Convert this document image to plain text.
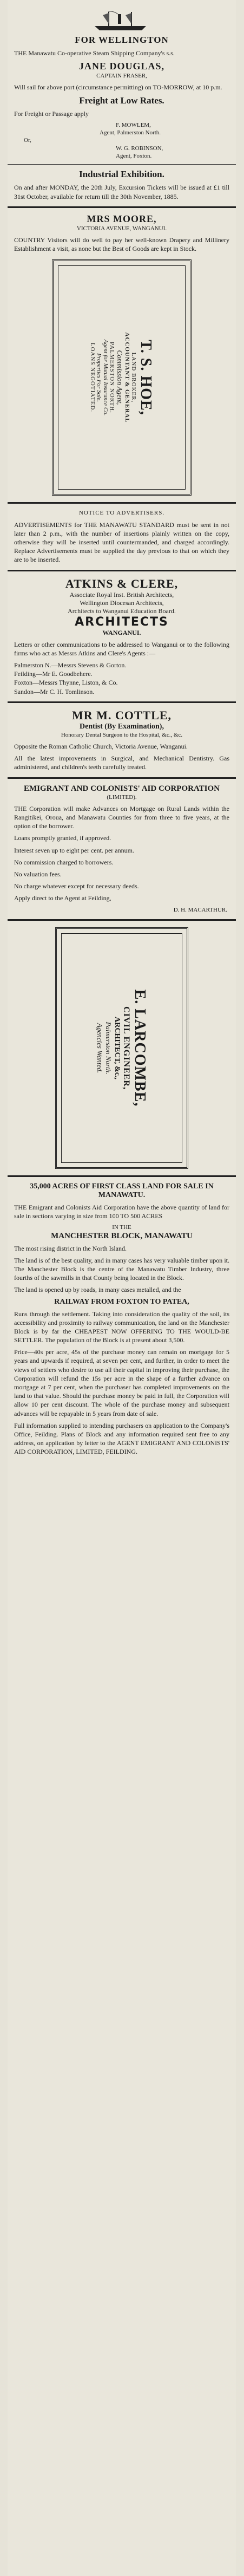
FOR WELLINGTON
THE Manawatu Co-operative Steam Shipping Company's s.s.
JANE DOUGLAS,
CAPTAIN FRASER,
Will sail for above port (circumstance permitting) on TO-MORROW, at 10 p.m.
Freight at Low Rates.
For Freight or Passage apply
F. MOWLEM,
Agent, Palmerston North.
Or,
W. G. ROBINSON,
Agent, Foxton.
Industrial Exhibition.
On and after MONDAY, the 20th July, Excursion Tickets will be issued at £1 till 31st October, available for return till the 30th November, 1885.
MRS MOORE,
VICTORIA AVENUE, WANGANUI.
COUNTRY Visitors will do well to pay her well-known Drapery and Millinery Establishment a visit, as none but the Best of Goods are kept in Stock.
T. S. HOE,
LAND BROKER,
ACCOUNTANT & GENERAL
Commission Agent,
PALMERSTON NORTH.
Agent for Mutual Insurance Co.
Properties For Sale.
LOANS NEGOTIATED.
NOTICE TO ADVERTISERS.
ADVERTISEMENTS for THE MANAWATU STANDARD must be sent in not later than 2 p.m., with the number of insertions plainly written on the copy, otherwise they will be inserted until countermanded, and charged accordingly. Replace Advertisements must be supplied the day previous to that on which they are to be inserted.
ATKINS & CLERE,
Associate Royal Inst. British Architects,
Wellington Diocesan Architects,
Architects to Wanganui Education Board.
ARCHITECTS
WANGANUI.
Letters or other communications to be addressed to Wanganui or to the following firms who act as Messrs Atkins and Clere's Agents :—
Palmerston N.—Messrs Stevens & Gorton.
Feilding—Mr E. Goodbehere.
Foxton—Messrs Thynne, Liston, & Co.
Sandon—Mr C. H. Tomlinson.
MR M. COTTLE,
Dentist (By Examination),
Honorary Dental Surgeon to the Hospital, &c., &c.
Opposite the Roman Catholic Church, Victoria Avenue, Wanganui.
All the latest improvements in Surgical, and Mechanical Dentistry. Gas administered, and children's teeth carefully treated.
EMIGRANT AND COLONISTS' AID CORPORATION
(LIMITED).
THE Corporation will make Advances on Mortgage on Rural Lands within the Rangitikei, Oroua, and Manawatu Counties for from three to five years, at the option of the borrower.
Loans promptly granted, if approved.
Interest seven up to eight per cent. per annum.
No commission charged to borrowers.
No valuation fees.
No charge whatever except for necessary deeds.
Apply direct to the Agent at Feilding,
D. H. MACARTHUR.
E. LARCOMBE,
CIVIL ENGINEER,
ARCHITECT, &c.,
Palmerston North.
Agencies Wanted.
35,000 ACRES OF FIRST CLASS LAND FOR SALE IN MANAWATU.
THE Emigrant and Colonists Aid Corporation have the above quantity of land for sale in sections varying in size from 100 TO 500 ACRES
IN THE
MANCHESTER BLOCK, MANAWATU
The most rising district in the North Island.
The land is of the best quality, and in many cases has very valuable timber upon it. The Manchester Block is the centre of the Manawatu Timber Industry, three fourths of the sawmills in that County being located in the Block.
The land is opened up by roads, in many cases metalled, and the
RAILWAY FROM FOXTON TO PATEA,
Runs through the settlement. Taking into consideration the quality of the soil, its accessibility and proximity to railway communication, the land on the Manchester Block is by far the CHEAPEST NOW OFFERING TO THE WOULD-BE SETTLER. The population of the Block is at present about 3,500.
Price—40s per acre, 45s of the purchase money can remain on mortgage for 5 years and upwards if required, at seven per cent, and further, in order to meet the views of settlers who desire to use all their capital in improving their purchase, the Corporation will refund the 15s per acre in the shape of a further advance on mortgage at 7 per cent, when the purchaser has completed improvements on the land to that value. Should the purchase money be paid in full, the Corporation will allow 10 per cent discount. The whole of the purchase money and subsequent advances will be repayable in 5 years from date of sale.
Full information supplied to intending purchasers on application to the Company's Office, Feilding. Plans of Block and any information required sent free to any address, on application by letter to the AGENT EMIGRANT AND COLONISTS' AID CORPORATION, LIMITED, FEILDING.
